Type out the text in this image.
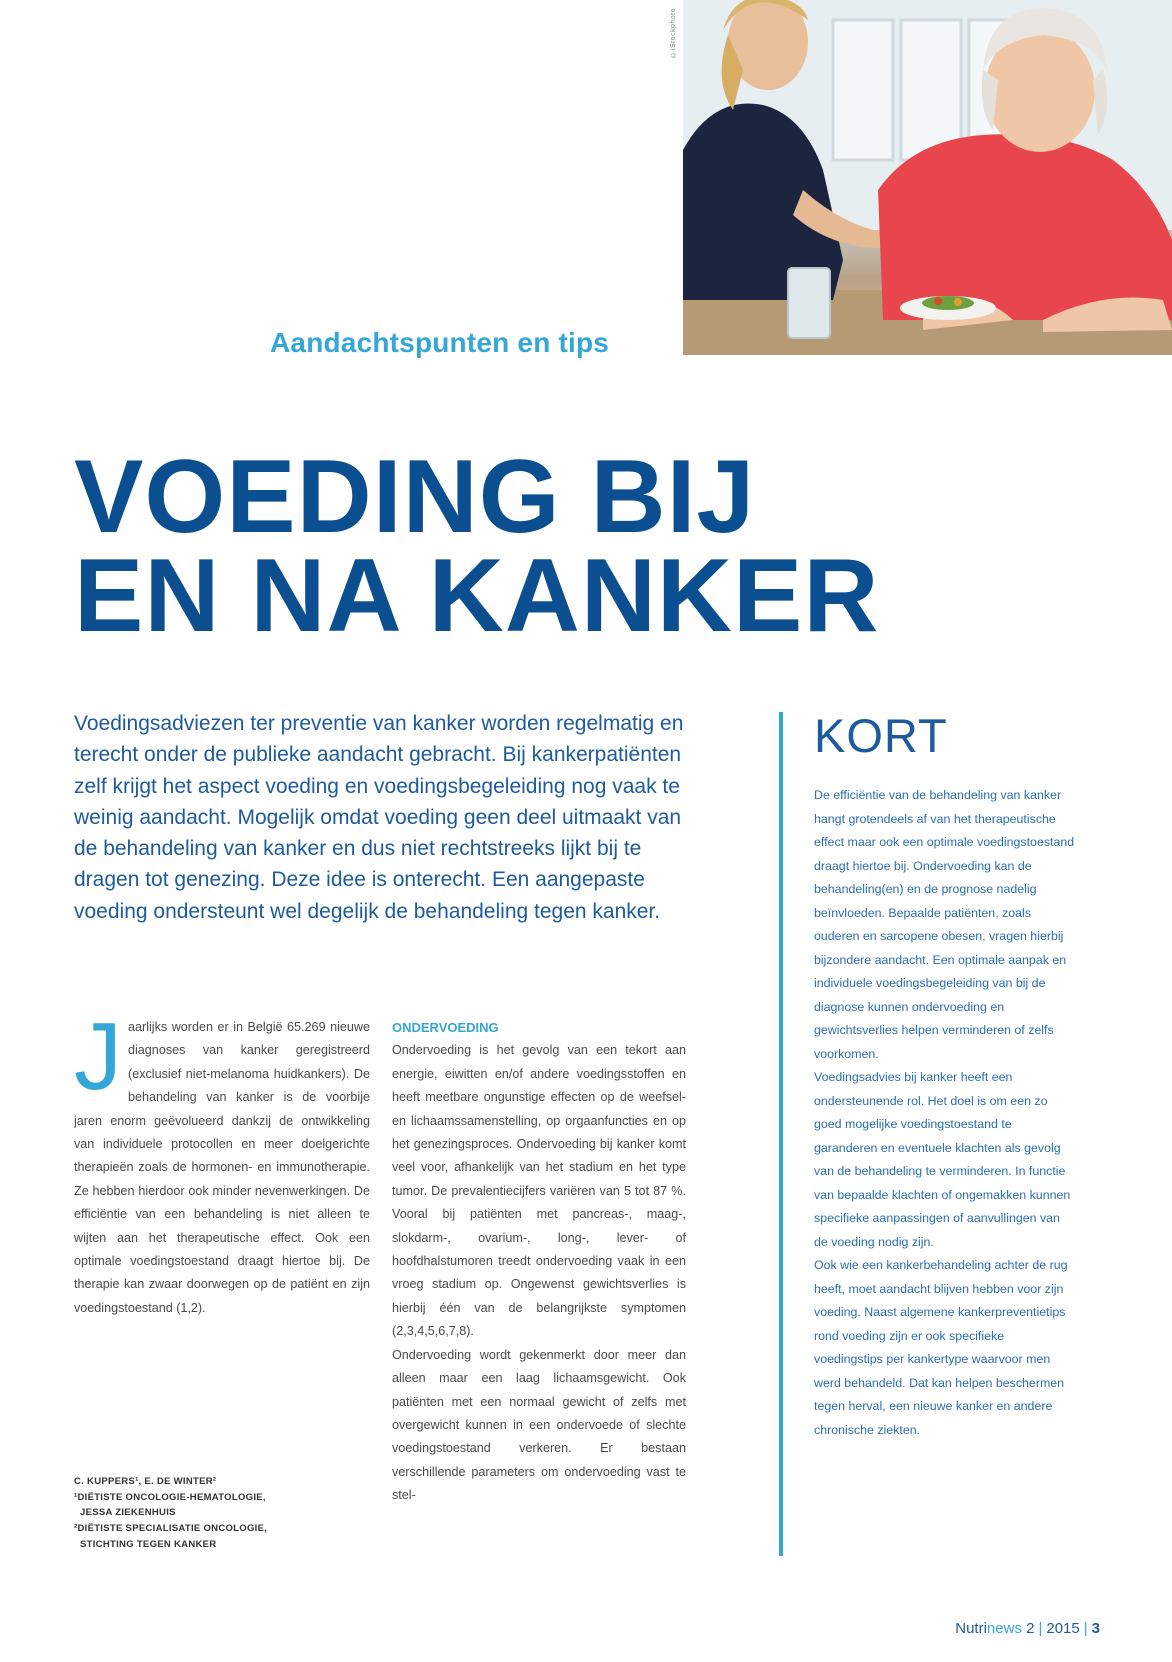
©iStockphoto
Aandachtspunten en tips
VOEDING BIJ
EN NA KANKER

Voedingsadviezen ter preventie van kanker worden regelmatig en terecht onder de publieke aandacht gebracht. Bij kankerpatiënten zelf krijgt het aspect voeding en voedingsbegeleiding nog vaak te weinig aandacht. Mogelijk omdat voeding geen deel uitmaakt van de behandeling van kanker en dus niet rechtstreeks lijkt bij te dragen tot genezing. Deze idee is onterecht. Een aangepaste voeding ondersteunt wel degelijk de behandeling tegen kanker.

J aarlijks worden er in België 65.269 nieuwe diagnoses van kanker geregistreerd (exclusief niet-melanoma huidkankers). De behandeling van kanker is de voorbije jaren enorm geëvolueerd dankzij de ontwikkeling van individuele protocollen en meer doelgerichte therapieën zoals de hormonen- en immunotherapie. Ze hebben hierdoor ook minder nevenwerkingen. De efficiëntie van een behandeling is niet alleen te wijten aan het therapeutische effect. Ook een optimale voedingstoestand draagt hiertoe bij. De therapie kan zwaar doorwegen op de patiënt en zijn voedingstoestand (1,2).
ONDERVOEDING

Ondervoeding is het gevolg van een tekort aan energie, eiwitten en/of andere voedingsstoffen en heeft meetbare ongunstige effecten op de weefsel- en lichaamssamenstelling, op orgaanfuncties en op het genezingsproces. Ondervoeding bij kanker komt veel voor, afhankelijk van het stadium en het type tumor. De prevalentiecijfers variëren van 5 tot 87 %. Vooral bij patiënten met pancreas-, maag-, slokdarm-, ovarium-, long-, lever- of hoofdhalstumoren treedt ondervoeding vaak in een vroeg stadium op. Ongewenst gewichtsverlies is hierbij één van de belangrijkste symptomen (2,3,4,5,6,7,8).

Ondervoeding wordt gekenmerkt door meer dan alleen maar een laag lichaamsgewicht. Ook patiënten met een normaal gewicht of zelfs met overgewicht kunnen in een ondervoede of slechte voedingstoestand verkeren. Er bestaan verschillende parameters om ondervoeding vast te stel-

C. KUPPERS¹, E. DE WINTER²
¹DIËTISTE ONCOLOGIE-HEMATOLOGIE,
JESSA ZIEKENHUIS
²DIËTISTE SPECIALISATIE ONCOLOGIE,
STICHTING TEGEN KANKER
KORT

De efficiëntie van de behandeling van kanker hangt grotendeels af van het therapeutische effect maar ook een optimale voedingstoestand draagt hiertoe bij. Ondervoeding kan de behandeling(en) en de prognose nadelig beïnvloeden. Bepaalde patiënten, zoals ouderen en sarcopene obesen, vragen hierbij bijzondere aandacht. Een optimale aanpak en individuele voedingsbegeleiding van bij de diagnose kunnen ondervoeding en gewichtsverlies helpen verminderen of zelfs voorkomen.

Voedingsadvies bij kanker heeft een ondersteunende rol. Het doel is om een zo goed mogelijke voedingstoestand te garanderen en eventuele klachten als gevolg van de behandeling te verminderen. In functie van bepaalde klachten of ongemakken kunnen specifieke aanpassingen of aanvullingen van de voeding nodig zijn.

Ook wie een kankerbehandeling achter de rug heeft, moet aandacht blijven hebben voor zijn voeding. Naast algemene kankerpreventietips rond voeding zijn er ook specifieke voedingstips per kankertype waarvoor men werd behandeld. Dat kan helpen beschermen tegen herval, een nieuwe kanker en andere chronische ziekten.

Nutrinews 2 | 2015 | 3
